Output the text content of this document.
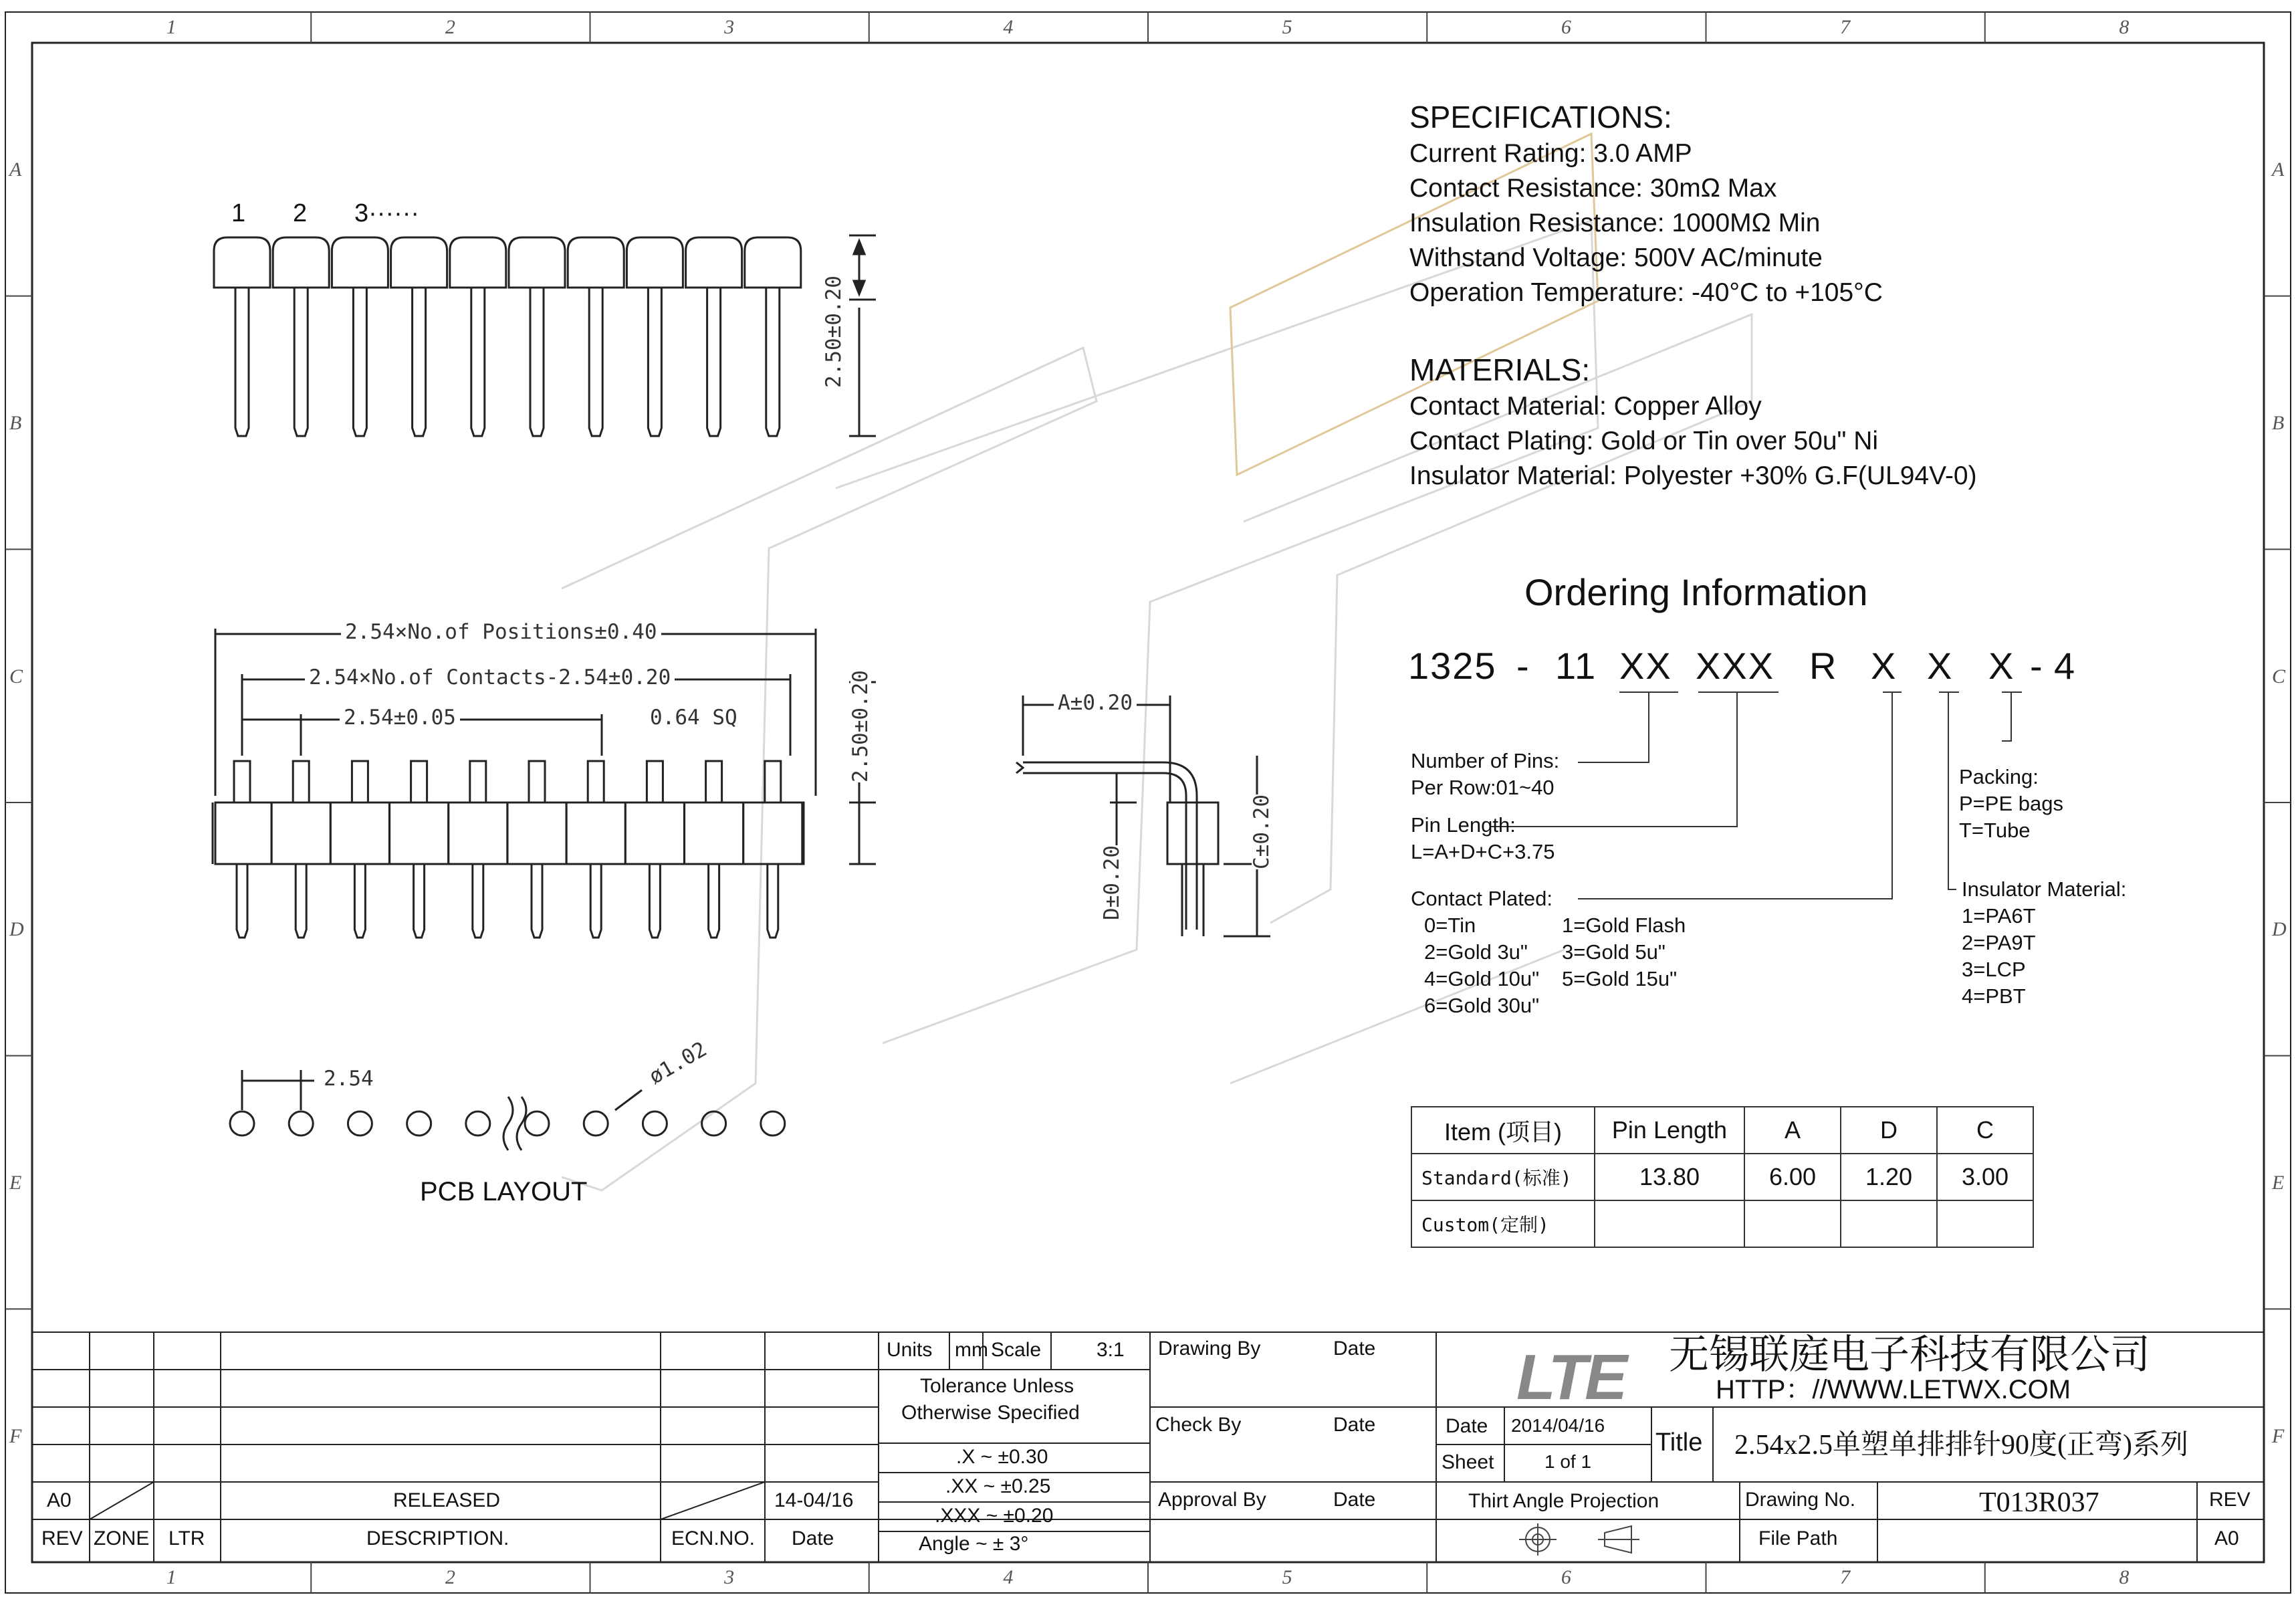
1
1
2
2
3
3
4
4
5
5
6
6
7
7
8
8
A	A
B	B
C	C
D	D
E	E
F	F
SPECIFICATIONS:
Current Rating: 3.0 AMP
Contact Resistance: 30mΩ Max
Insulation Resistance: 1000MΩ Min
Withstand Voltage: 500V AC/minute
Operation Temperature: -40°C to +105°C
MATERIALS:
Contact Material: Copper Alloy
Contact Plating: Gold or Tin over 50u" Ni
Insulator Material: Polyester +30% G.F(UL94V-0)
Ordering Information
1325 - 11 XX XXX R X X X - 4
Number of Pins:
Per Row:01~40
Pin Length:
L=A+D+C+3.75
Contact Plated:
0=Tin	1=Gold Flash
2=Gold 3u" 3=Gold 5u"
4=Gold 10u" 5=Gold 15u"
6=Gold 30u"
Packing:
P=PE bags
T=Tube
Insulator Material:
1=PA6T
2=PA9T
3=LCP
4=PBT
1 2 3······
2.50±0.20
2.54×No.of Positions±0.40
2.54×No.of Contacts-2.54±0.20
2.54±0.05	0.64 SQ	2.50±0.20	A±0.20
D±0.20
C±0.20
2.54	ø1.02
PCB LAYOUT
Item (项目)	Pin Length	A	D	C
Standard(标准)	13.80	6.00	1.20	3.00
Custom(定制)				
A0	RELEASED	14-04/16
REV ZONE LTR	DESCRIPTION.	ECN.NO. Date
Units mm Scale	3:1
Tolerance Unless
Otherwise Specified
.X ~ ±0.30
.XX ~ ±0.25
.XXX ~ ±0.20
Angle ~ ± 3°
Drawing By	Date
Check By	Date
Approval By	Date
LTE 无锡联庭电子科技有限公司
HTTP：//WWW.LETWX.COM
Date 2014/04/16
Sheet	1 of 1
Title 2.54x2.5单塑单排排针90度(正弯)系列
Thirt Angle Projection	Drawing No.	T013R037	REV
File Path	A0
